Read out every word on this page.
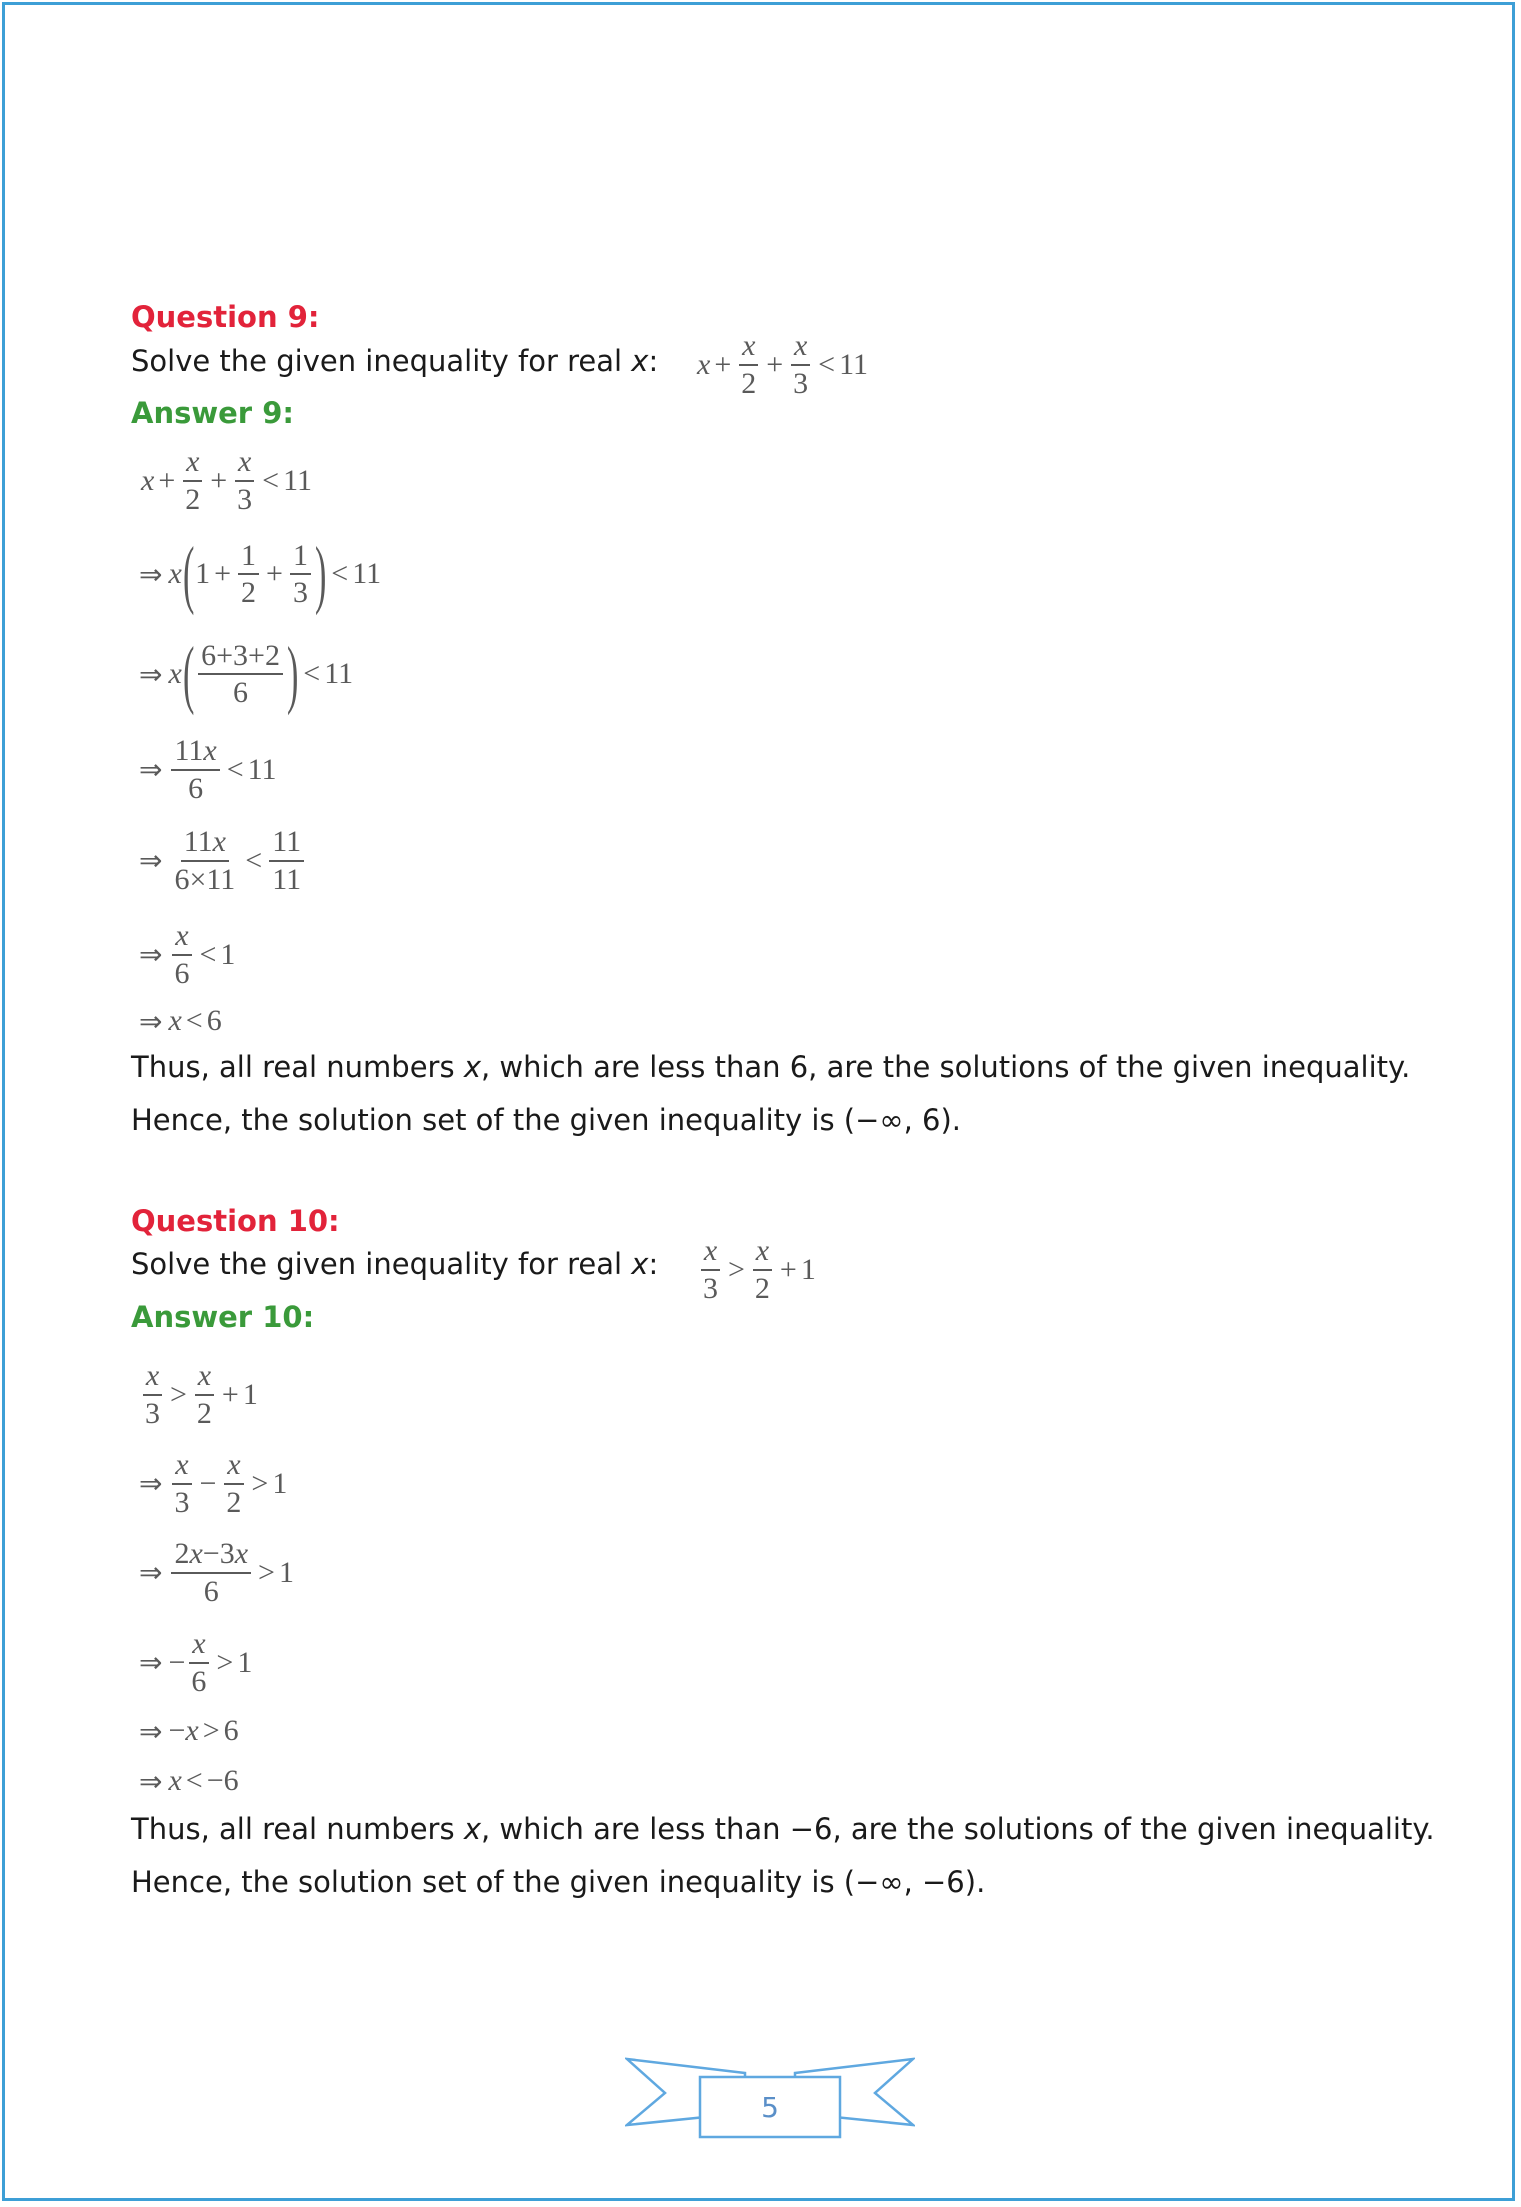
Question 9:
Solve the given inequality for real x: $x + \frac{x}{2} + \frac{x}{3} < 11$
Answer 9:
$x + \frac{x}{2} + \frac{x}{3} < 11$
⇒ x ( $1 + \frac{1}{2} + \frac{1}{3}$ ) < 11
⇒ x ( $\frac{6+3+2}{6}$ ) < 11
⇒ $\frac{11x}{6} < 11$
⇒ $\frac{11x}{6\times 11} < \frac{11}{11}$
⇒ $\frac{x}{6} < 1$
⇒ x < 6
Thus, all real numbers x, which are less than 6, are the solutions of the given inequality.
Hence, the solution set of the given inequality is (−∞, 6).
Question 10:
Solve the given inequality for real x: $\frac{x}{3} > \frac{x}{2} + 1$
Answer 10:
$\frac{x}{3} > \frac{x}{2} + 1$
⇒ $\frac{x}{3} - \frac{x}{2} > 1$
⇒ $\frac{2x-3x}{6} > 1$
⇒ − $\frac{x}{6} > 1$
⇒ − x > 6
⇒ x < −6
Thus, all real numbers x, which are less than −6, are the solutions of the given inequality.
Hence, the solution set of the given inequality is (−∞, −6).
5
